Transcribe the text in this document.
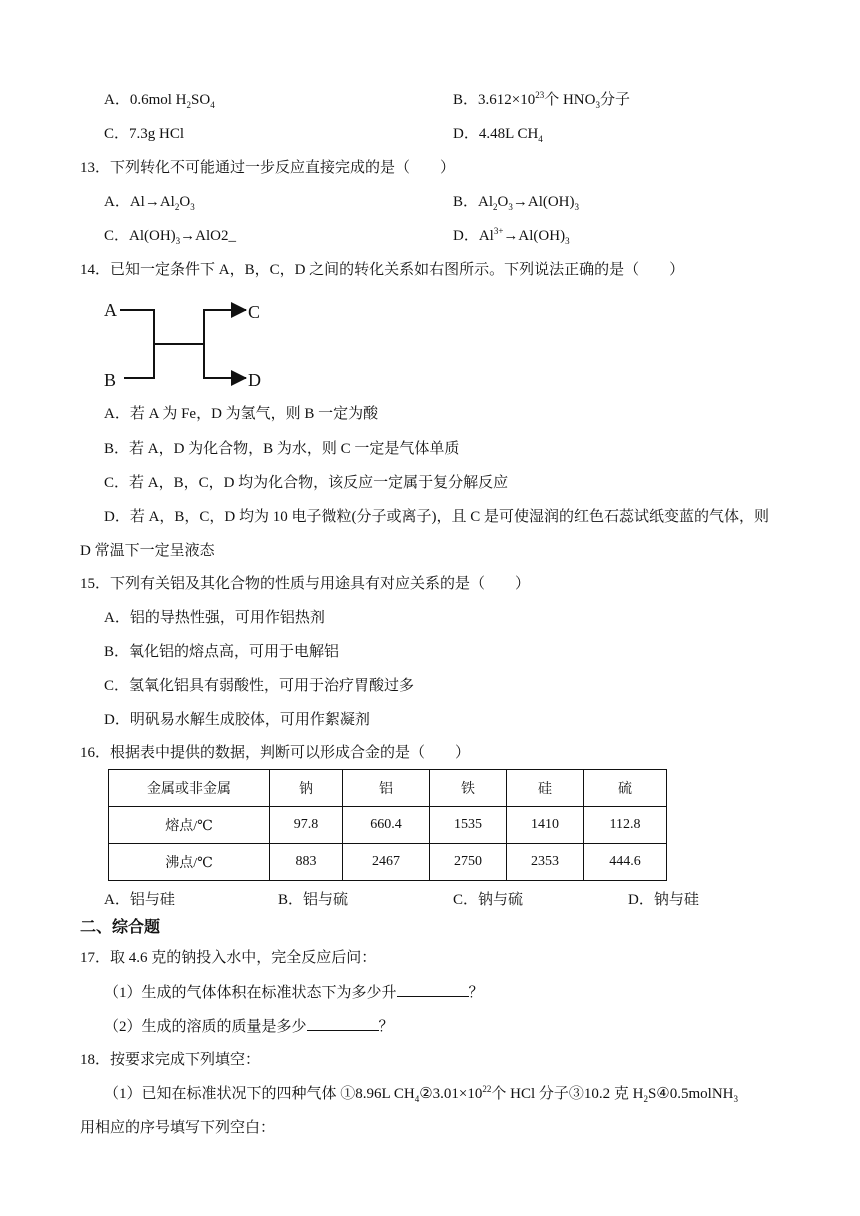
A．0.6mol $H_2SO_4$	B．$3.612\times 10^{23}$个 $HNO_3$分子
C．7.3g HCl	D．4.48L $CH_4$
13．下列转化不可能通过一步反应直接完成的是（　　）
A．$Al\to Al_2O_3$	B．$Al_2O_3\to Al(OH)_3$
C．$Al(OH)_3\to AlO2\_$	D．$Al^{3+}\to Al(OH)_3$
14．已知一定条件下 A，B，C，D 之间的转化关系如右图所示。下列说法正确的是（　　）
A
B
C
D
A．若 A 为 Fe，D 为氢气，则 B 一定为酸
B．若 A，D 为化合物，B 为水，则 C 一定是气体单质
C．若 A，B，C，D 均为化合物，该反应一定属于复分解反应
D．若 A，B，C，D 均为 10 电子微粒(分子或离子)，且 C 是可使湿润的红色石蕊试纸变蓝的气体，则
D 常温下一定呈液态
15．下列有关铝及其化合物的性质与用途具有对应关系的是（　　）
A．铝的导热性强，可用作铝热剂
B．氧化铝的熔点高，可用于电解铝
C．氢氧化铝具有弱酸性，可用于治疗胃酸过多
D．明矾易水解生成胶体，可用作絮凝剂
16．根据表中提供的数据，判断可以形成合金的是（　　）
金属或非金属	钠	铝	铁	硅	硫
熔点/℃	97.8	660.4	1535	1410	112.8
沸点/℃	883	2467	2750	2353	444.6
A．铝与硅	B．铝与硫	C．钠与硫	D．钠与硅
二、综合题
17．取 4.6 克的钠投入水中，完全反应后问：
（1）生成的气体体积在标准状态下为多少升	？
（2）生成的溶质的质量是多少	？
18．按要求完成下列填空：
（1）已知在标准状况下的四种气体 ①8.96L $CH_4②3.01\times 10^{22}$个 HCl 分子③10.2 克 $H_2S④0.5molNH_3$
用相应的序号填写下列空白：
